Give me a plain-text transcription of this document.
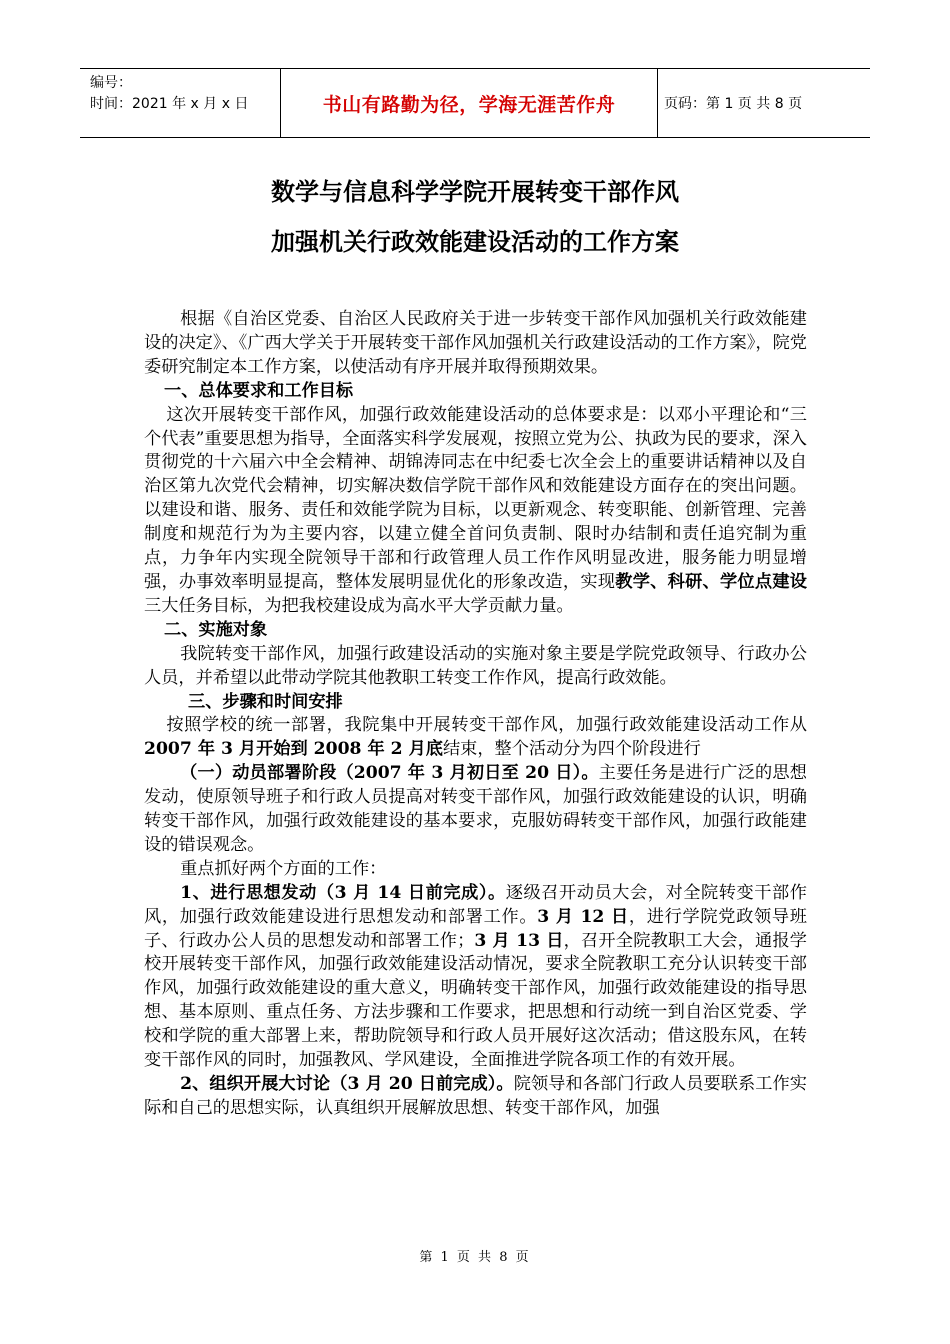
编号：
时间：2021 年 x 月 x 日	书山有路勤为径，学海无涯苦作舟	页码：第 1 页 共 8 页
数学与信息科学学院开展转变干部作风
加强机关行政效能建设活动的工作方案

根据《自治区党委、自治区人民政府关于进一步转变干部作风加强机关行政效能建设的决定》、《广西大学关于开展转变干部作风加强机关行政建设活动的工作方案》，院党委研究制定本工作方案，以使活动有序开展并取得预期效果。

一、总体要求和工作目标

这次开展转变干部作风，加强行政效能建设活动的总体要求是：以邓小平理论和“三个代表”重要思想为指导，全面落实科学发展观，按照立党为公、执政为民的要求，深入贯彻党的十六届六中全会精神、胡锦涛同志在中纪委七次全会上的重要讲话精神以及自治区第九次党代会精神，切实解决数信学院干部作风和效能建设方面存在的突出问题。以建设和谐、服务、责任和效能学院为目标，以更新观念、转变职能、创新管理、完善制度和规范行为为主要内容，以建立健全首问负责制、限时办结制和责任追究制为重点，力争年内实现全院领导干部和行政管理人员工作作风明显改进，服务能力明显增强，办事效率明显提高，整体发展明显优化的形象改造，实现教学、科研、学位点建设三大任务目标，为把我校建设成为高水平大学贡献力量。

二、实施对象

我院转变干部作风，加强行政建设活动的实施对象主要是学院党政领导、行政办公人员，并希望以此带动学院其他教职工转变工作作风，提高行政效能。

三、步骤和时间安排

按照学校的统一部署，我院集中开展转变干部作风，加强行政效能建设活动工作从2007 年 3 月开始到 2008 年 2 月底结束，整个活动分为四个阶段进行

（一）动员部署阶段（2007 年 3 月初日至 20 日）。主要任务是进行广泛的思想发动，使原领导班子和行政人员提高对转变干部作风，加强行政效能建设的认识，明确转变干部作风，加强行政效能建设的基本要求，克服妨碍转变干部作风，加强行政能建设的错误观念。

重点抓好两个方面的工作：

1、进行思想发动（3 月 14 日前完成）。逐级召开动员大会，对全院转变干部作风，加强行政效能建设进行思想发动和部署工作。3 月 12 日，进行学院党政领导班子、行政办公人员的思想发动和部署工作；3 月 13 日，召开全院教职工大会，通报学校开展转变干部作风，加强行政效能建设活动情况，要求全院教职工充分认识转变干部作风，加强行政效能建设的重大意义，明确转变干部作风，加强行政效能建设的指导思想、基本原则、重点任务、方法步骤和工作要求，把思想和行动统一到自治区党委、学校和学院的重大部署上来，帮助院领导和行政人员开展好这次活动；借这股东风，在转变干部作风的同时，加强教风、学风建设，全面推进学院各项工作的有效开展。

2、组织开展大讨论（3 月 20 日前完成）。院领导和各部门行政人员要联系工作实际和自己的思想实际，认真组织开展解放思想、转变干部作风，加强

第 1 页 共 8 页
